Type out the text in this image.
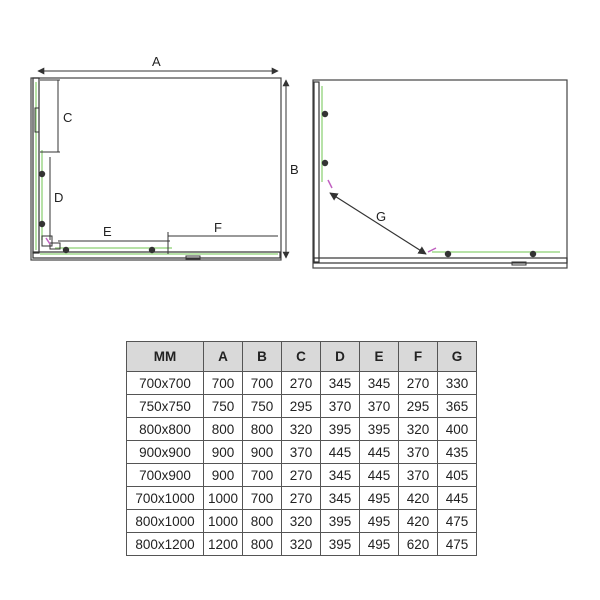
A
B
C
D
E	F
G
MM	A	B	C	D	E	F	G
700x700	700	700	270	345	345	270	330
750x750	750	750	295	370	370	295	365
800x800	800	800	320	395	395	320	400
900x900	900	900	370	445	445	370	435
700x900	900	700	270	345	445	370	405
700x1000	1000	700	270	345	495	420	445
800x1000	1000	800	320	395	495	420	475
800x1200	1200	800	320	395	495	620	475
